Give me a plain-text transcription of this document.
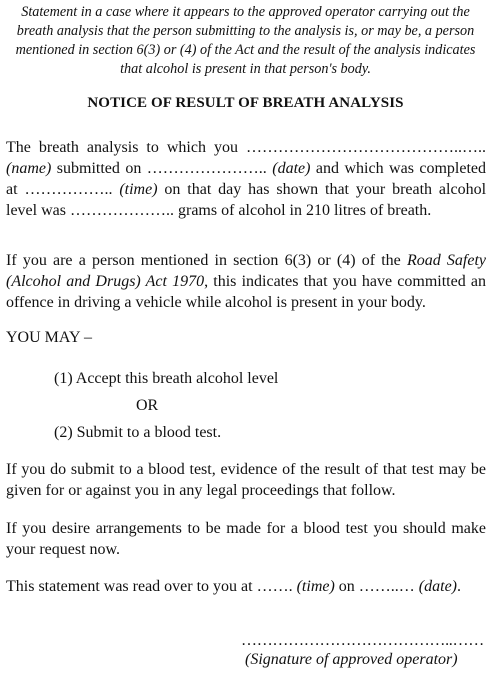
Statement in a case where it appears to the approved operator carrying out the breath analysis that the person submitting to the analysis is, or may be, a person mentioned in section 6(3) or (4) of the Act and the result of the analysis indicates that alcohol is present in that person's body.

NOTICE OF RESULT OF BREATH ANALYSIS

The breath analysis to which you …………………………………..….. (name) submitted on ………………….. (date) and which was completed at …………….. (time) on that day has shown that your breath alcohol level was ……………….. grams of alcohol in 210 litres of breath.

If you are a person mentioned in section 6(3) or (4) of the Road Safety (Alcohol and Drugs) Act 1970, this indicates that you have committed an offence in driving a vehicle while alcohol is present in your body.

YOU MAY –

(1) Accept this breath alcohol level

OR

(2) Submit to a blood test.

If you do submit to a blood test, evidence of the result of that test may be given for or against you in any legal proceedings that follow.

If you desire arrangements to be made for a blood test you should make your request now.

This statement was read over to you at ……. (time) on ……..… (date).

…………………………………..……

(Signature of approved operator)
